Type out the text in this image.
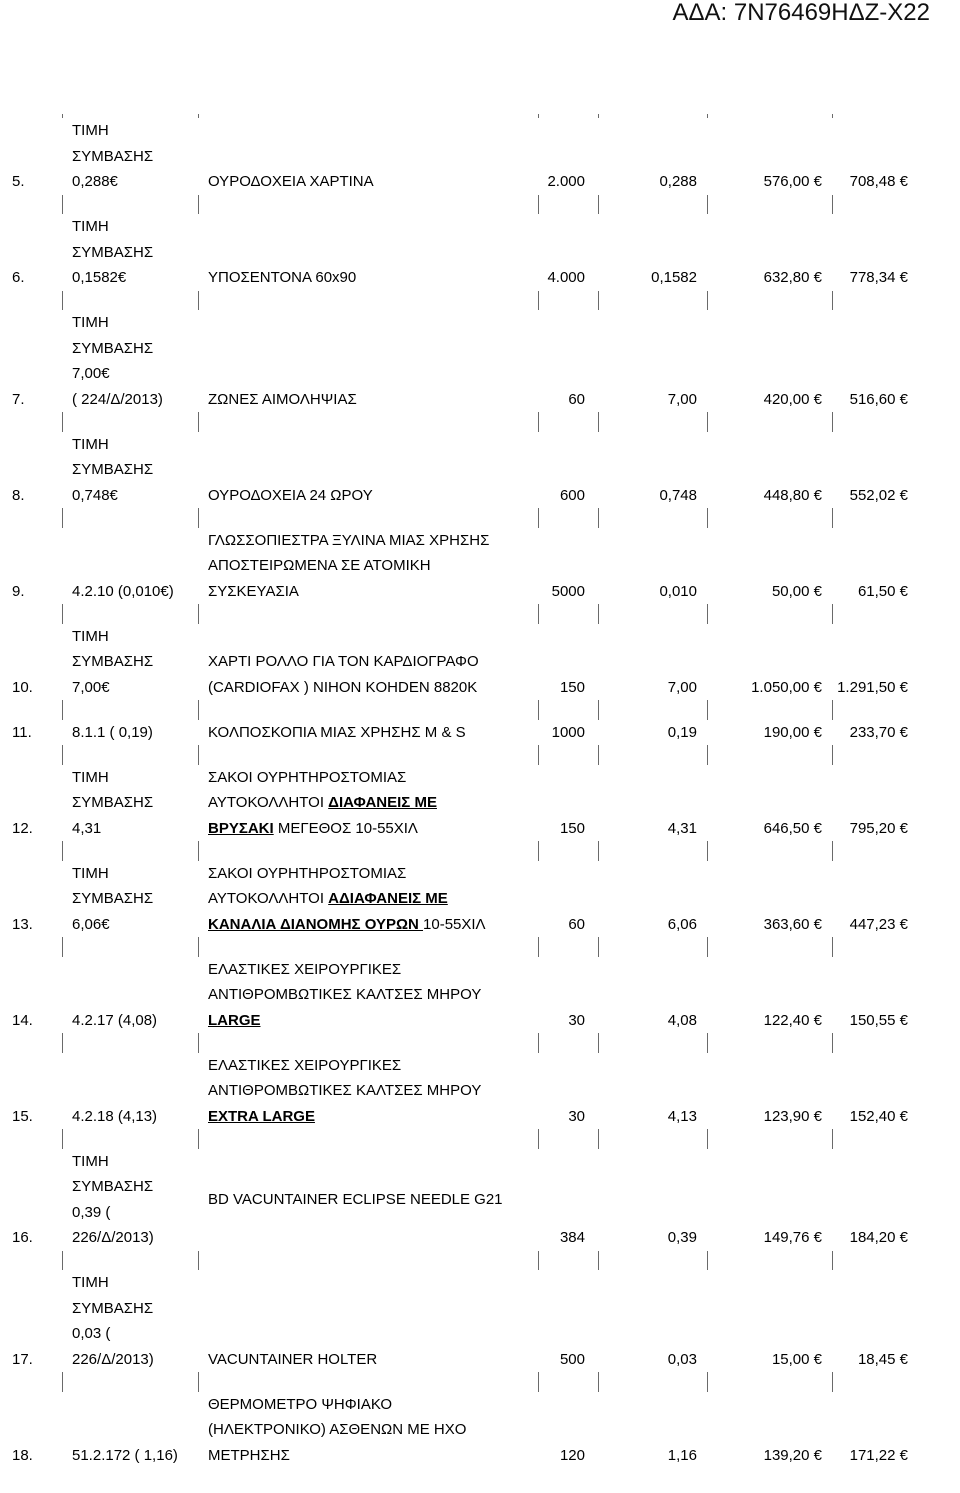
ΑΔΑ: 7Ν76469ΗΔΖ-Χ22
5.
ΤΙΜΗ
ΣΥΜΒΑΣΗΣ
0,288€	ΟΥΡΟΔΟΧΕΙΑ ΧΑΡΤΙΝΑ	2.000	0,288	576,00 €	708,48 €
6.
ΤΙΜΗ
ΣΥΜΒΑΣΗΣ
0,1582€	ΥΠΟΣΕΝΤΟΝΑ 60x90	4.000	0,1582	632,80 €	778,34 €
7.
ΤΙΜΗ
ΣΥΜΒΑΣΗΣ
7,00€
( 224/Δ/2013)	ΖΩΝΕΣ ΑΙΜΟΛΗΨΙΑΣ	60	7,00	420,00 €	516,60 €
8.
ΤΙΜΗ
ΣΥΜΒΑΣΗΣ
0,748€	ΟΥΡΟΔΟΧΕΙΑ 24 ΩΡΟΥ	600	0,748	448,80 €	552,02 €
9.	4.2.10 (0,010€)
ΓΛΩΣΣΟΠΙΕΣΤΡΑ ΞΥΛΙΝΑ ΜΙΑΣ ΧΡΗΣΗΣ
ΑΠΟΣΤΕΙΡΩΜΕΝΑ ΣΕ ΑΤΟΜΙΚΗ
ΣΥΣΚΕΥΑΣΙΑ	5000	0,010	50,00 €	61,50 €
10.
ΤΙΜΗ
ΣΥΜΒΑΣΗΣ
7,00€
ΧΑΡΤΙ ΡΟΛΛΟ ΓΙΑ ΤΟΝ ΚΑΡΔΙΟΓΡΑΦΟ
(CARDIOFAX ) NIHON KOHDEN 8820K	150	7,00	1.050,00 €	1.291,50 €
11.	8.1.1 ( 0,19)	ΚΟΛΠΟΣΚΟΠΙΑ ΜΙΑΣ ΧΡΗΣΗΣ Μ & S	1000	0,19	190,00 €	233,70 €
12.
ΤΙΜΗ
ΣΥΜΒΑΣΗΣ
4,31
ΣΑΚΟΙ ΟΥΡΗΤΗΡΟΣΤΟΜΙΑΣ
ΑΥΤΟΚΟΛΛΗΤΟΙ ΔΙΑΦΑΝΕΙΣ ΜΕ
ΒΡΥΣΑΚΙ ΜΕΓΕΘΟΣ 10-55ΧΙΛ	150	4,31	646,50 €	795,20 €
13.
ΤΙΜΗ
ΣΥΜΒΑΣΗΣ
6,06€
ΣΑΚΟΙ ΟΥΡΗΤΗΡΟΣΤΟΜΙΑΣ
ΑΥΤΟΚΟΛΛΗΤΟΙ ΑΔΙΑΦΑΝΕΙΣ ΜΕ
ΚΑΝΑΛΙΑ ΔΙΑΝΟΜΗΣ ΟΥΡΩΝ 10-55ΧΙΛ	60	6,06	363,60 €	447,23 €
14.	4.2.17 (4,08)
ΕΛΑΣΤΙΚΕΣ ΧΕΙΡΟΥΡΓΙΚΕΣ
ΑΝΤΙΘΡΟΜΒΩΤΙΚΕΣ ΚΑΛΤΣΕΣ ΜΗΡΟΥ
LARGE	30	4,08	122,40 €	150,55 €
15.	4.2.18 (4,13)
ΕΛΑΣΤΙΚΕΣ ΧΕΙΡΟΥΡΓΙΚΕΣ
ΑΝΤΙΘΡΟΜΒΩΤΙΚΕΣ ΚΑΛΤΣΕΣ ΜΗΡΟΥ
EXTRA LARGE	30	4,13	123,90 €	152,40 €
16.
ΤΙΜΗ
ΣΥΜΒΑΣΗΣ
0,39 (
226/Δ/2013)
BD VACUNTAINER ECLIPSE NEEDLE G21
384	0,39	149,76 €	184,20 €
17.
ΤΙΜΗ
ΣΥΜΒΑΣΗΣ
0,03 (
226/Δ/2013)	VACUNTAINER HOLTER	500	0,03	15,00 €	18,45 €
18.	51.2.172 ( 1,16)
ΘΕΡΜΟΜΕΤΡΟ ΨΗΦΙΑΚΟ
(ΗΛΕΚΤΡΟΝΙΚΟ) ΑΣΘΕΝΩΝ ΜΕ ΗΧΟ
ΜΕΤΡΗΣΗΣ	120	1,16	139,20 €	171,22 €
